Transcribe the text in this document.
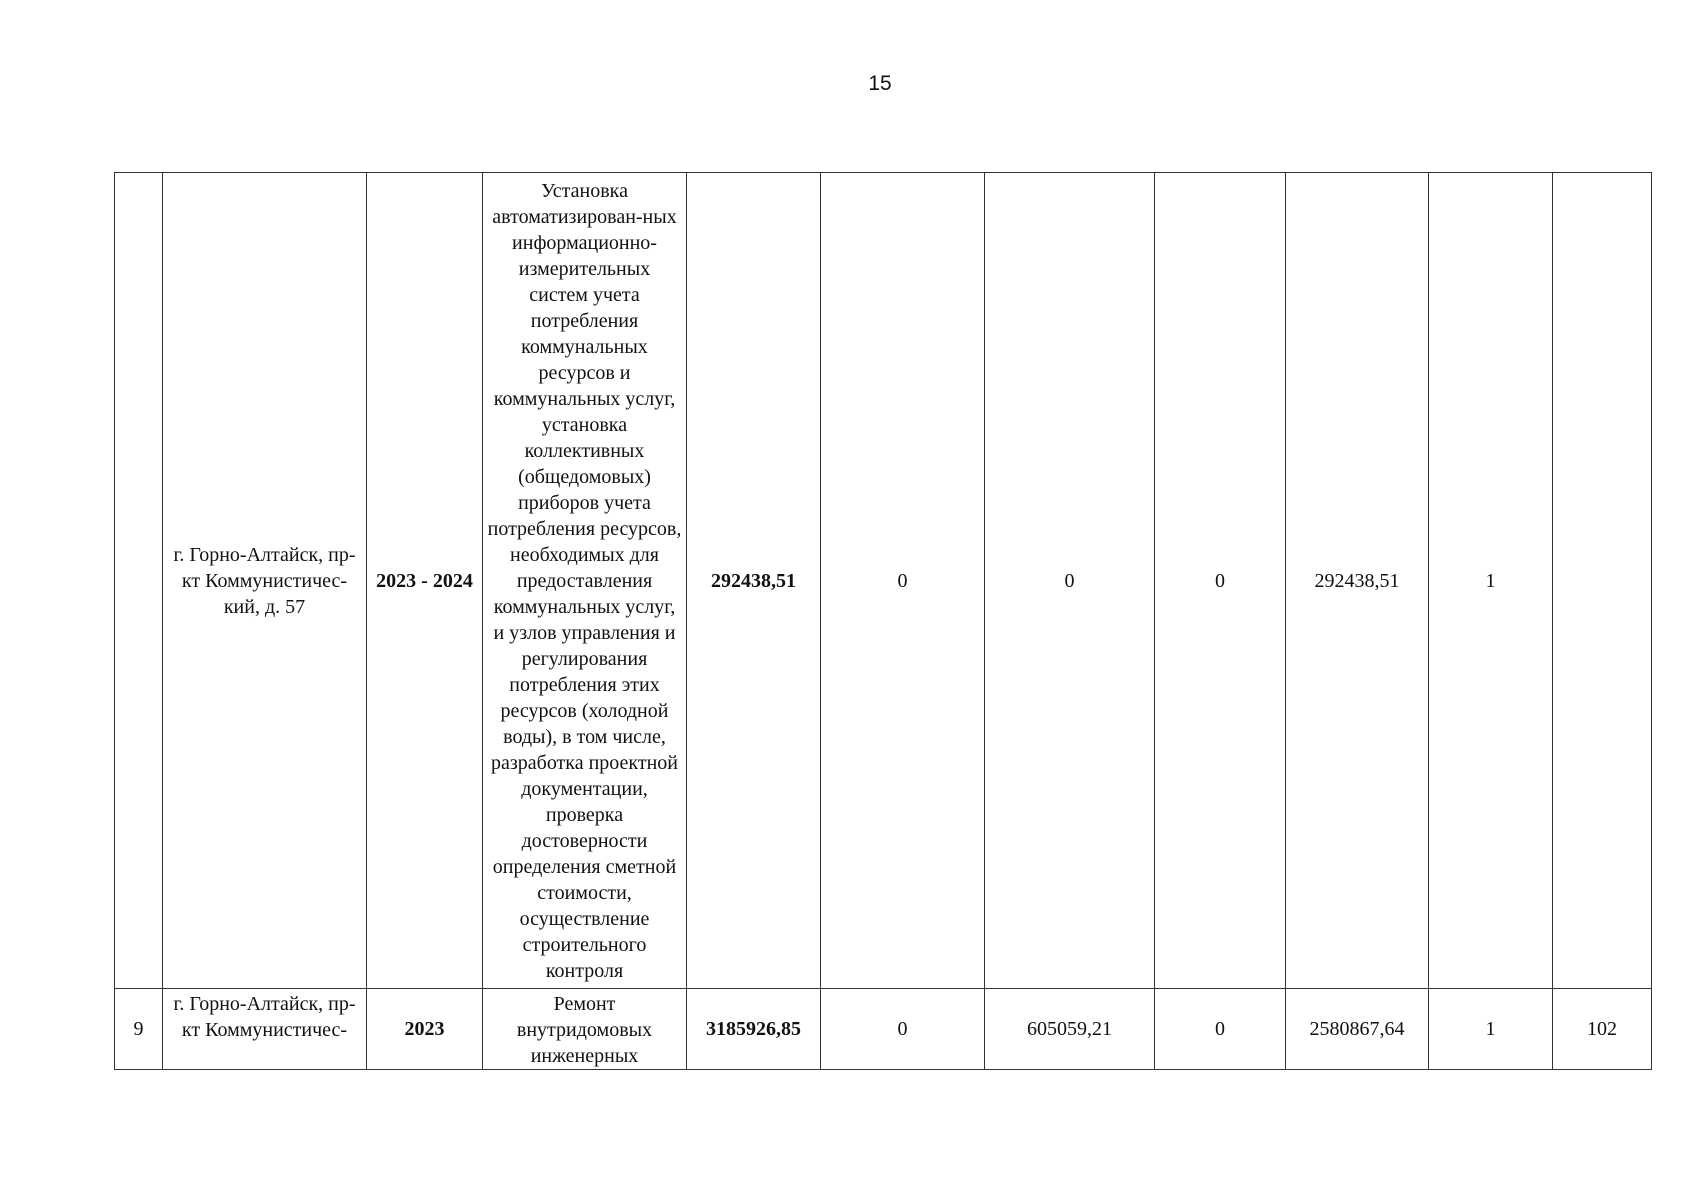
15
	г. Горно-Алтайск, пр-кт Коммунистичес-кий, д. 57	2023 - 2024	Установка автоматизирован-ных информационно-измерительных систем учета потребления коммунальных ресурсов и коммунальных услуг, установка коллективных (общедомовых) приборов учета потребления ресурсов, необходимых для предоставления коммунальных услуг, и узлов управления и регулирования потребления этих ресурсов (холодной воды), в том числе, разработка проектной документации, проверка достоверности определения сметной стоимости, осуществление строительного контроля	292438,51	0	0	0	292438,51	1	
9	г. Горно-Алтайск, пр-кт Коммунистичес-	2023	Ремонт внутридомовых инженерных	3185926,85	0	605059,21	0	2580867,64	1	102
